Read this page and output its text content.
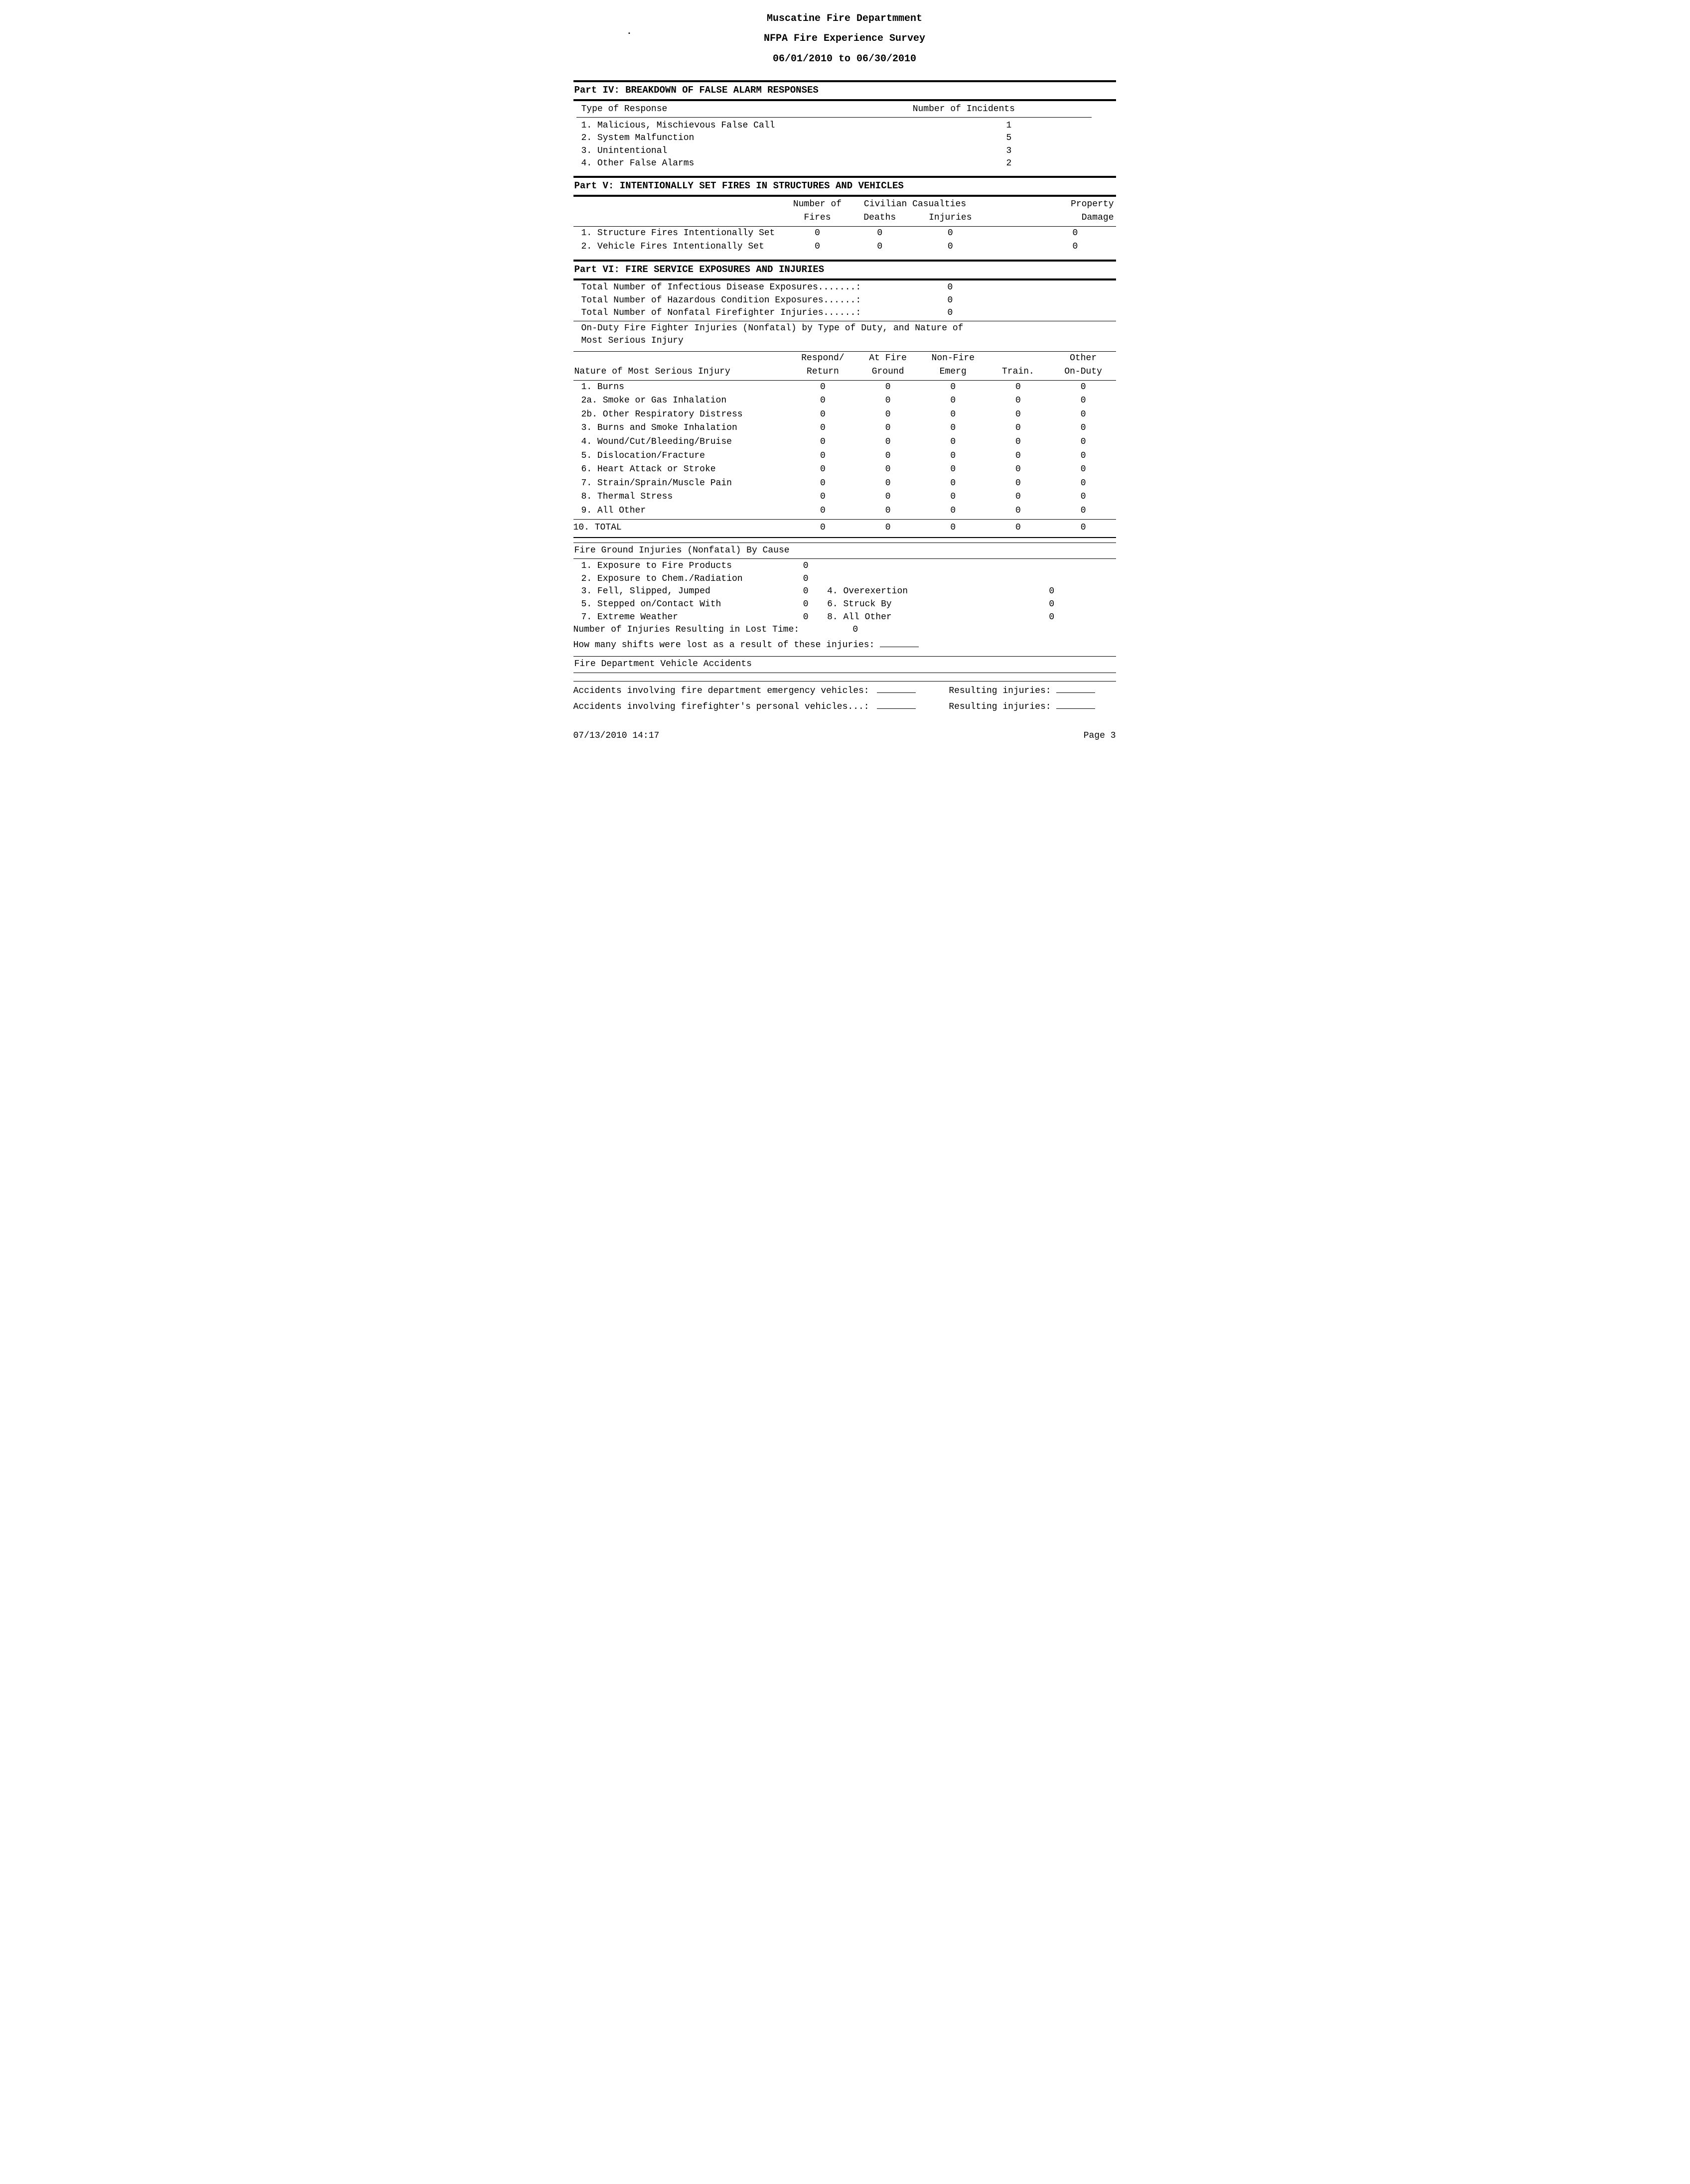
.
Muscatine Fire Departmment
NFPA Fire Experience Survey
06/01/2010 to 06/30/2010
Part IV: BREAKDOWN OF FALSE ALARM RESPONSES
Type of Response	Number of Incidents
1. Malicious, Mischievous False Call	1
2. System Malfunction	5
3. Unintentional	3
4. Other False Alarms	2
Part V: INTENTIONALLY SET FIRES IN STRUCTURES AND VEHICLES
	Number of	Civilian Casualties		Property
	Fires	Deaths	Injuries	Damage
1. Structure Fires Intentionally Set	0	0	0	0
2. Vehicle Fires Intentionally Set	0	0	0	0
Part VI: FIRE SERVICE EXPOSURES AND INJURIES
Total Number of Infectious Disease Exposures.......:	0
Total Number of Hazardous Condition Exposures......:	0
Total Number of Nonfatal Firefighter Injuries......:	0
On-Duty Fire Fighter Injuries (Nonfatal) by Type of Duty, and Nature of
Most Serious Injury
	Respond/	At Fire	Non-Fire		Other
Nature of Most Serious Injury	Return	Ground	Emerg	Train.	On-Duty
1. Burns	0	0	0	0	0
2a. Smoke or Gas Inhalation	0	0	0	0	0
2b. Other Respiratory Distress	0	0	0	0	0
3. Burns and Smoke Inhalation	0	0	0	0	0
4. Wound/Cut/Bleeding/Bruise	0	0	0	0	0
5. Dislocation/Fracture	0	0	0	0	0
6. Heart Attack or Stroke	0	0	0	0	0
7. Strain/Sprain/Muscle Pain	0	0	0	0	0
8. Thermal Stress	0	0	0	0	0
9. All Other	0	0	0	0	0
10. TOTAL	0	0	0	0	0
Fire Ground Injuries (Nonfatal) By Cause
1. Exposure to Fire Products	0
2. Exposure to Chem./Radiation	0
3. Fell, Slipped, Jumped	0	4. Overexertion	0
5. Stepped on/Contact With	0	6. Struck By	0
7. Extreme Weather	0	8. All Other	0
Number of Injuries Resulting in Lost Time:	0
How many shifts were lost as a result of these injuries:
Fire Department Vehicle Accidents
Accidents involving fire department emergency vehicles:	Resulting injuries:
Accidents involving firefighter's personal vehicles...:	Resulting injuries:
07/13/2010 14:17	Page 3
